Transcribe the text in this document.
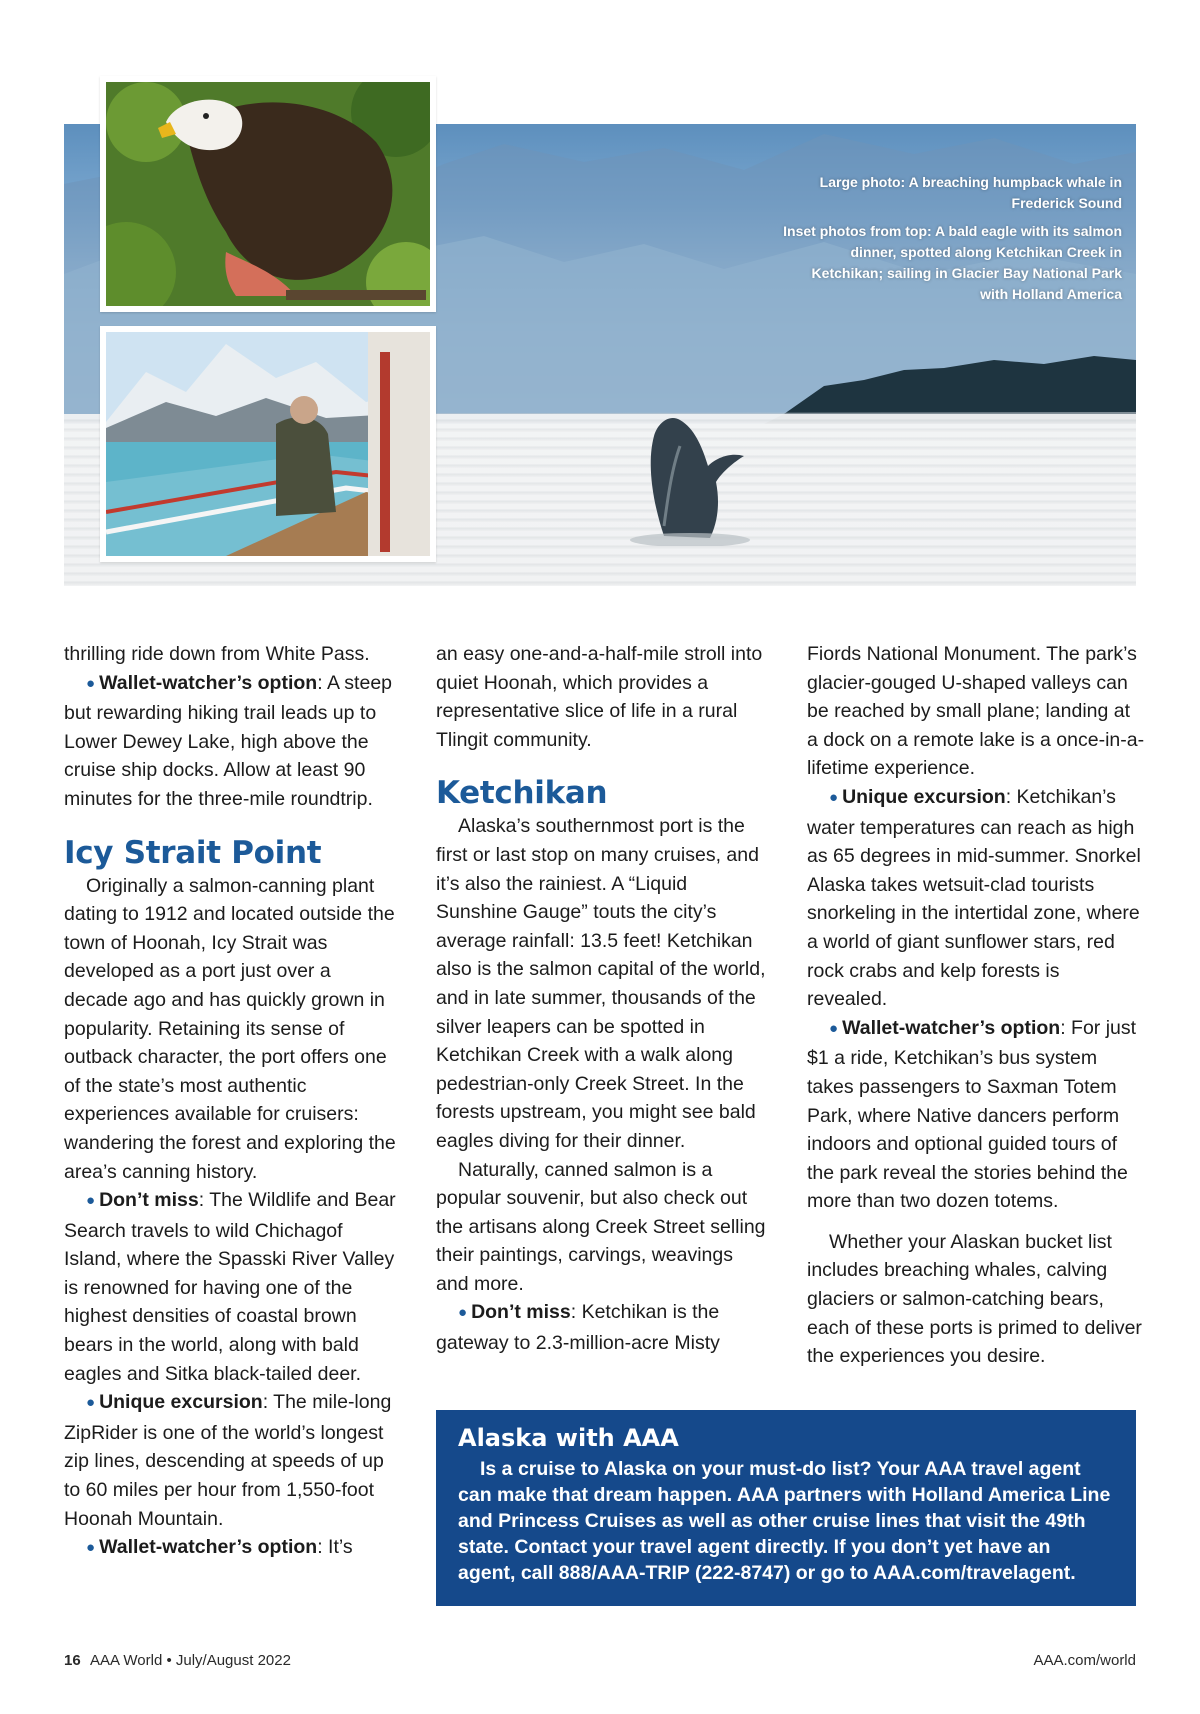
Large photo: A breaching humpback whale in Frederick Sound

Inset photos from top: A bald eagle with its salmon dinner, spotted along Ketchikan Creek in Ketchikan; sailing in Glacier Bay National Park with Holland America

thrilling ride down from White Pass.

● Wallet-watcher’s option: A steep but rewarding hiking trail leads up to Lower Dewey Lake, high above the cruise ship docks. Allow at least 90 minutes for the three-mile roundtrip.

Icy Strait Point

Originally a salmon-canning plant dating to 1912 and located outside the town of Hoonah, Icy Strait was developed as a port just over a decade ago and has quickly grown in popularity. Retaining its sense of outback character, the port offers one of the state’s most authentic experiences available for cruisers: wandering the forest and exploring the area’s canning history.

● Don’t miss: The Wildlife and Bear Search travels to wild Chichagof Island, where the Spasski River Valley is renowned for having one of the highest densities of coastal brown bears in the world, along with bald eagles and Sitka black-tailed deer.

● Unique excursion: The mile-long ZipRider is one of the world’s longest zip lines, descending at speeds of up to 60 miles per hour from 1,550-foot Hoonah Mountain.

● Wallet-watcher’s option: It’s

an easy one-and-a-half-mile stroll into quiet Hoonah, which provides a representative slice of life in a rural Tlingit community.

Ketchikan

Alaska’s southernmost port is the first or last stop on many cruises, and it’s also the rainiest. A “Liquid Sunshine Gauge” touts the city’s average rainfall: 13.5 feet! Ketchikan also is the salmon capital of the world, and in late summer, thousands of the silver leapers can be spotted in Ketchikan Creek with a walk along pedestrian-only Creek Street. In the forests upstream, you might see bald eagles diving for their dinner.

Naturally, canned salmon is a popular souvenir, but also check out the artisans along Creek Street selling their paintings, carvings, weavings and more.

● Don’t miss: Ketchikan is the gateway to 2.3-million-acre Misty

Fiords National Monument. The park’s glacier-gouged U-shaped valleys can be reached by small plane; landing at a dock on a remote lake is a once-in-a-lifetime experience.

● Unique excursion: Ketchikan’s water temperatures can reach as high as 65 degrees in mid-summer. Snorkel Alaska takes wetsuit-clad tourists snorkeling in the intertidal zone, where a world of giant sunflower stars, red rock crabs and kelp forests is revealed.

● Wallet-watcher’s option: For just $1 a ride, Ketchikan’s bus system takes passengers to Saxman Totem Park, where Native dancers perform indoors and optional guided tours of the park reveal the stories behind the more than two dozen totems.

Whether your Alaskan bucket list includes breaching whales, calving glaciers or salmon-catching bears, each of these ports is primed to deliver the experiences you desire.

Alaska with AAA

Is a cruise to Alaska on your must-do list? Your AAA travel agent can make that dream happen. AAA partners with Holland America Line and Princess Cruises as well as other cruise lines that visit the 49th state. Contact your travel agent directly. If you don’t yet have an agent, call 888/AAA-TRIP (222-8747) or go to AAA.com/travelagent.

16 AAA World • July/August 2022	AAA.com/world
